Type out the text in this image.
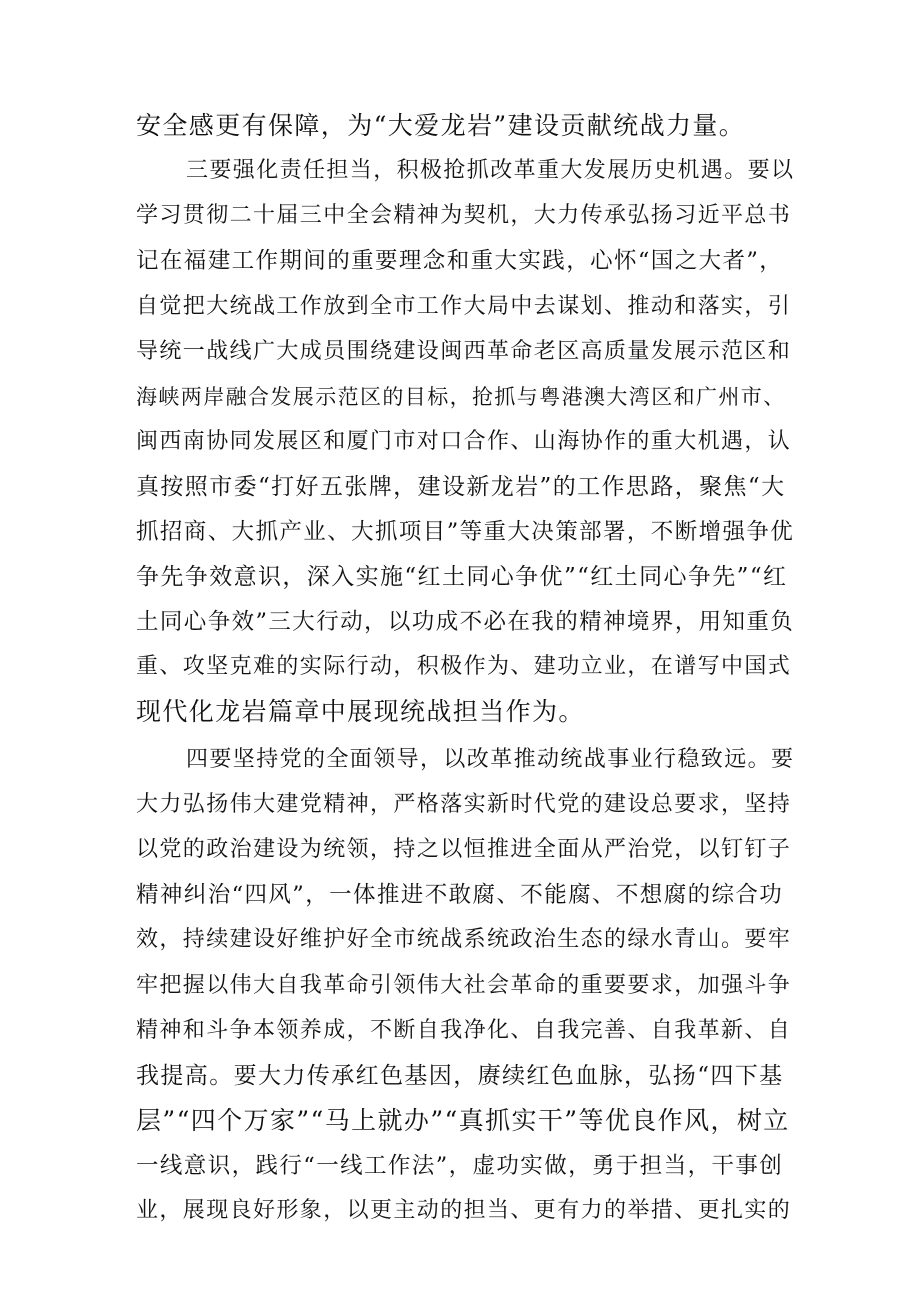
安全感更有保障，为“大爱龙岩”建设贡献统战力量。
三要强化责任担当，积极抢抓改革重大发展历史机遇。要以
学习贯彻二十届三中全会精神为契机，大力传承弘扬习近平总书
记在福建工作期间的重要理念和重大实践，心怀“国之大者”，
自觉把大统战工作放到全市工作大局中去谋划、推动和落实，引
导统一战线广大成员围绕建设闽西革命老区高质量发展示范区和
海峡两岸融合发展示范区的目标，抢抓与粤港澳大湾区和广州市、
闽西南协同发展区和厦门市对口合作、山海协作的重大机遇，认
真按照市委“打好五张牌，建设新龙岩”的工作思路，聚焦“大
抓招商、大抓产业、大抓项目”等重大决策部署，不断增强争优
争先争效意识，深入实施“红土同心争优”“红土同心争先”“红
土同心争效”三大行动，以功成不必在我的精神境界，用知重负
重、攻坚克难的实际行动，积极作为、建功立业，在谱写中国式
现代化龙岩篇章中展现统战担当作为。
四要坚持党的全面领导，以改革推动统战事业行稳致远。要
大力弘扬伟大建党精神，严格落实新时代党的建设总要求，坚持
以党的政治建设为统领，持之以恒推进全面从严治党，以钉钉子
精神纠治“四风”，一体推进不敢腐、不能腐、不想腐的综合功
效，持续建设好维护好全市统战系统政治生态的绿水青山。要牢
牢把握以伟大自我革命引领伟大社会革命的重要要求，加强斗争
精神和斗争本领养成，不断自我净化、自我完善、自我革新、自
我提高。要大力传承红色基因，赓续红色血脉，弘扬“四下基
层”“四个万家”“马上就办”“真抓实干”等优良作风，树立
一线意识，践行“一线工作法”，虚功实做，勇于担当，干事创
业，展现良好形象，以更主动的担当、更有力的举措、更扎实的
